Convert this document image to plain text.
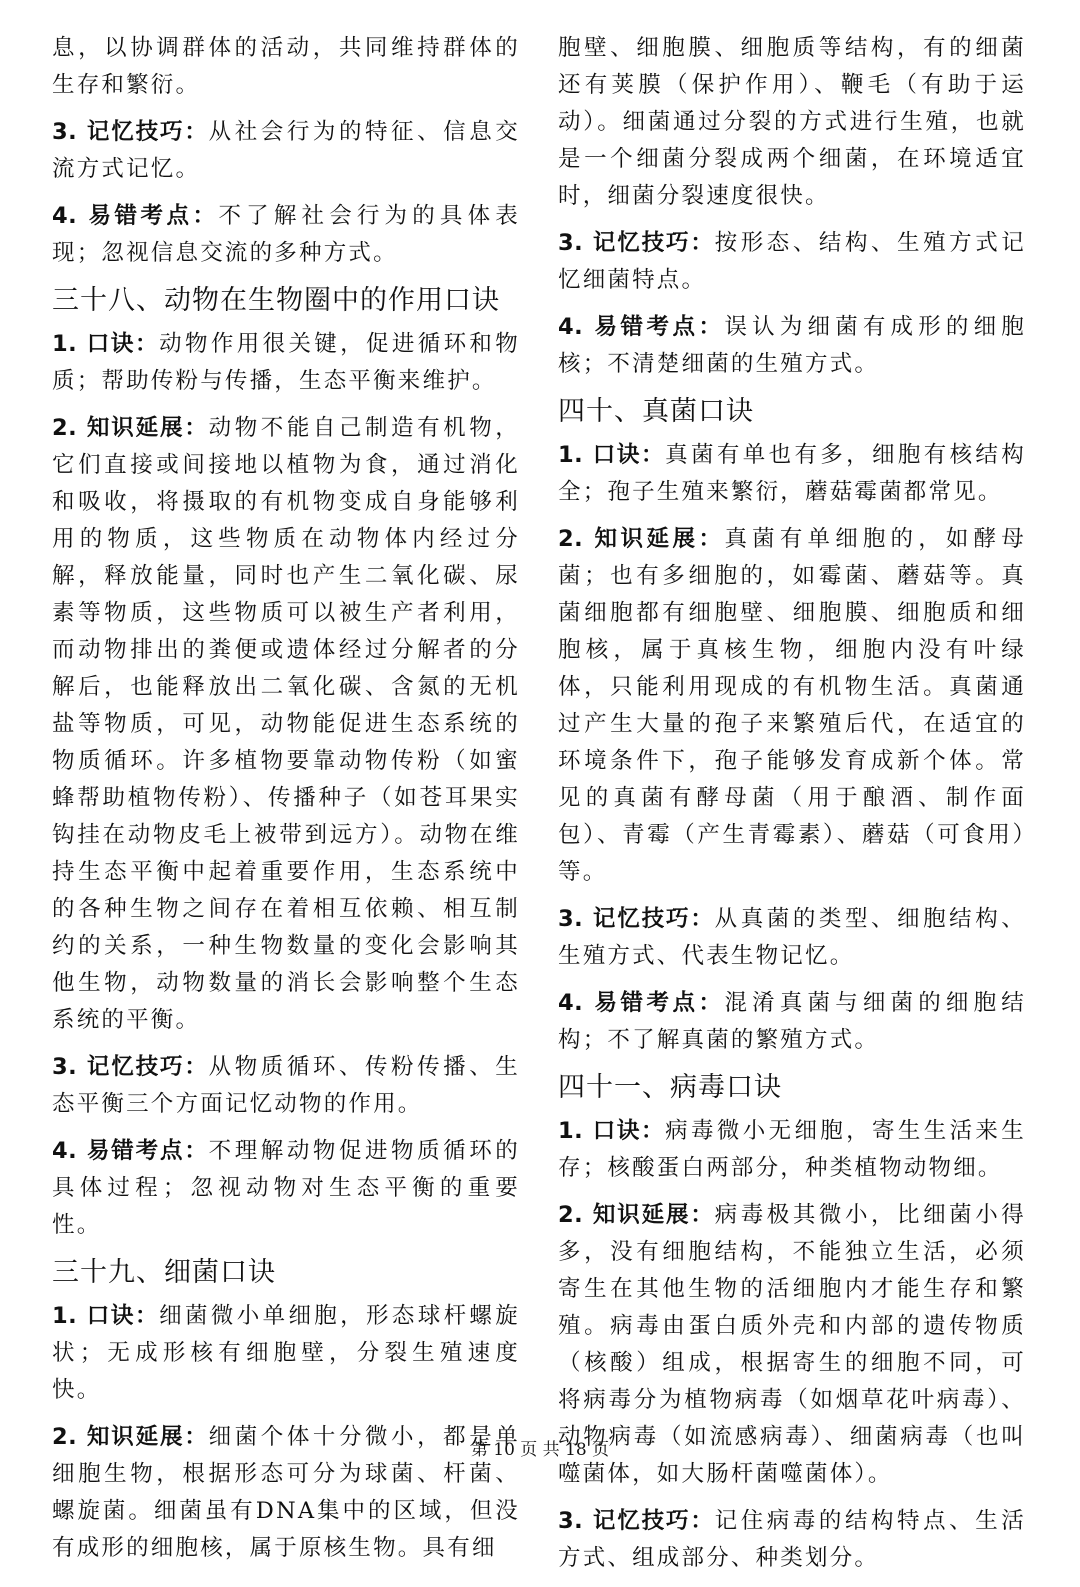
息，以协调群体的活动，共同维持群体的生存和繁衍。

3. 记忆技巧：从社会行为的特征、信息交流方式记忆。

4. 易错考点：不了解社会行为的具体表现；忽视信息交流的多种方式。

三十八、动物在生物圈中的作用口诀

1. 口诀：动物作用很关键，促进循环和物质；帮助传粉与传播，生态平衡来维护。

2. 知识延展：动物不能自己制造有机物，它们直接或间接地以植物为食，通过消化和吸收，将摄取的有机物变成自身能够利用的物质，这些物质在动物体内经过分解，释放能量，同时也产生二氧化碳、尿素等物质，这些物质可以被生产者利用，而动物排出的粪便或遗体经过分解者的分解后，也能释放出二氧化碳、含氮的无机盐等物质，可见，动物能促进生态系统的物质循环。许多植物要靠动物传粉（如蜜蜂帮助植物传粉）、传播种子（如苍耳果实钩挂在动物皮毛上被带到远方）。动物在维持生态平衡中起着重要作用，生态系统中的各种生物之间存在着相互依赖、相互制约的关系，一种生物数量的变化会影响其他生物，动物数量的消长会影响整个生态系统的平衡。

3. 记忆技巧：从物质循环、传粉传播、生态平衡三个方面记忆动物的作用。

4. 易错考点：不理解动物促进物质循环的具体过程；忽视动物对生态平衡的重要性。

三十九、细菌口诀

1. 口诀：细菌微小单细胞，形态球杆螺旋状；无成形核有细胞壁，分裂生殖速度快。

2. 知识延展：细菌个体十分微小，都是单细胞生物，根据形态可分为球菌、杆菌、螺旋菌。细菌虽有DNA集中的区域，但没有成形的细胞核，属于原核生物。具有细

胞壁、细胞膜、细胞质等结构，有的细菌还有荚膜（保护作用）、鞭毛（有助于运动）。细菌通过分裂的方式进行生殖，也就是一个细菌分裂成两个细菌，在环境适宜时，细菌分裂速度很快。

3. 记忆技巧：按形态、结构、生殖方式记忆细菌特点。

4. 易错考点：误认为细菌有成形的细胞核；不清楚细菌的生殖方式。

四十、真菌口诀

1. 口诀：真菌有单也有多，细胞有核结构全；孢子生殖来繁衍，蘑菇霉菌都常见。

2. 知识延展：真菌有单细胞的，如酵母菌；也有多细胞的，如霉菌、蘑菇等。真菌细胞都有细胞壁、细胞膜、细胞质和细胞核，属于真核生物，细胞内没有叶绿体，只能利用现成的有机物生活。真菌通过产生大量的孢子来繁殖后代，在适宜的环境条件下，孢子能够发育成新个体。常见的真菌有酵母菌（用于酿酒、制作面包）、青霉（产生青霉素）、蘑菇（可食用）等。

3. 记忆技巧：从真菌的类型、细胞结构、生殖方式、代表生物记忆。

4. 易错考点：混淆真菌与细菌的细胞结构；不了解真菌的繁殖方式。

四十一、病毒口诀

1. 口诀：病毒微小无细胞，寄生生活来生存；核酸蛋白两部分，种类植物动物细。

2. 知识延展：病毒极其微小，比细菌小得多，没有细胞结构，不能独立生活，必须寄生在其他生物的活细胞内才能生存和繁殖。病毒由蛋白质外壳和内部的遗传物质（核酸）组成，根据寄生的细胞不同，可将病毒分为植物病毒（如烟草花叶病毒）、动物病毒（如流感病毒）、细菌病毒（也叫噬菌体，如大肠杆菌噬菌体）。

3. 记忆技巧：记住病毒的结构特点、生活方式、组成部分、种类划分。

第 10 页 共 18 页
